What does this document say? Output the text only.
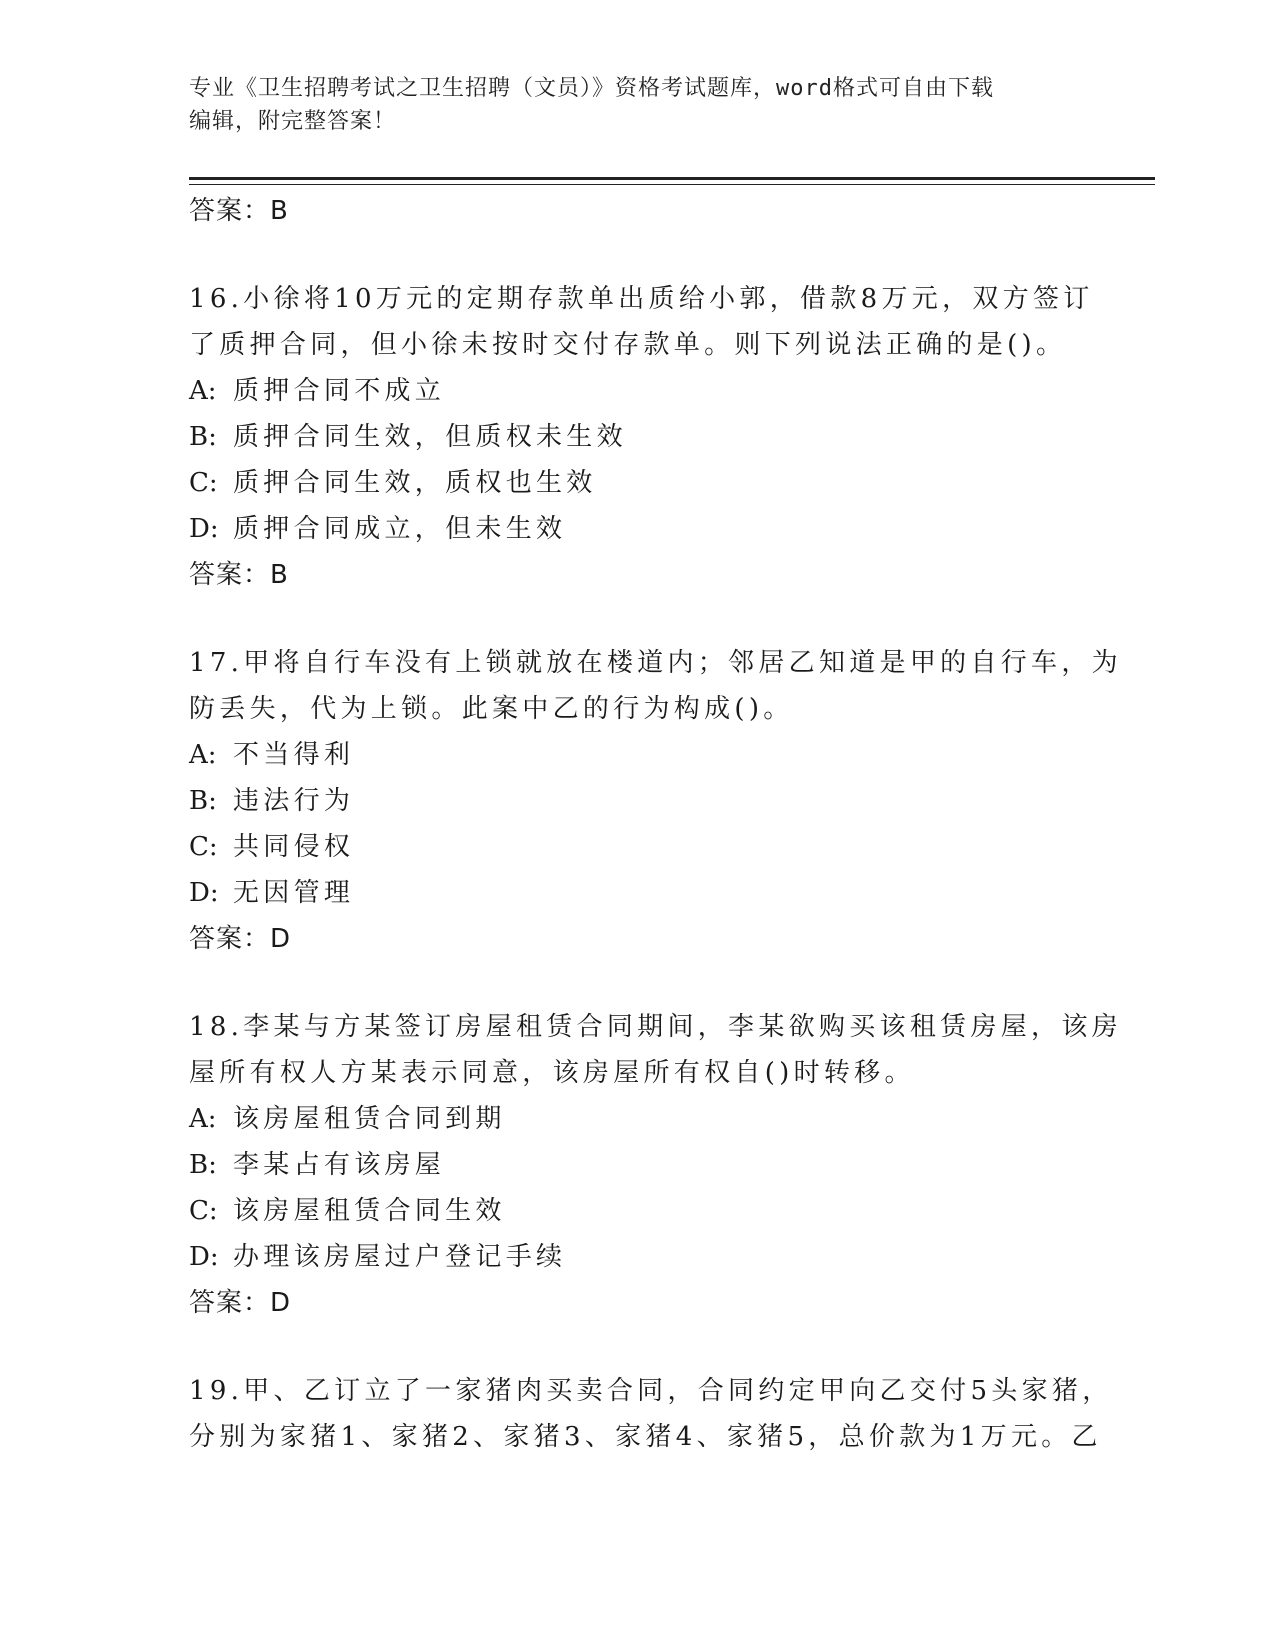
专业《卫生招聘考试之卫生招聘（文员）》资格考试题库，word格式可自由下载
编辑，附完整答案！
答案：B
16.小徐将10万元的定期存款单出质给小郭，借款8万元，双方签订
了质押合同，但小徐未按时交付存款单。则下列说法正确的是()。
A: 质押合同不成立
B: 质押合同生效，但质权未生效
C: 质押合同生效，质权也生效
D: 质押合同成立，但未生效
答案：B
17.甲将自行车没有上锁就放在楼道内；邻居乙知道是甲的自行车，为
防丢失，代为上锁。此案中乙的行为构成()。
A: 不当得利
B: 违法行为
C: 共同侵权
D: 无因管理
答案：D
18.李某与方某签订房屋租赁合同期间，李某欲购买该租赁房屋，该房
屋所有权人方某表示同意，该房屋所有权自()时转移。
A: 该房屋租赁合同到期
B: 李某占有该房屋
C: 该房屋租赁合同生效
D: 办理该房屋过户登记手续
答案：D
19.甲、乙订立了一家猪肉买卖合同，合同约定甲向乙交付5头家猪，
分别为家猪1、家猪2、家猪3、家猪4、家猪5，总价款为1万元。乙
